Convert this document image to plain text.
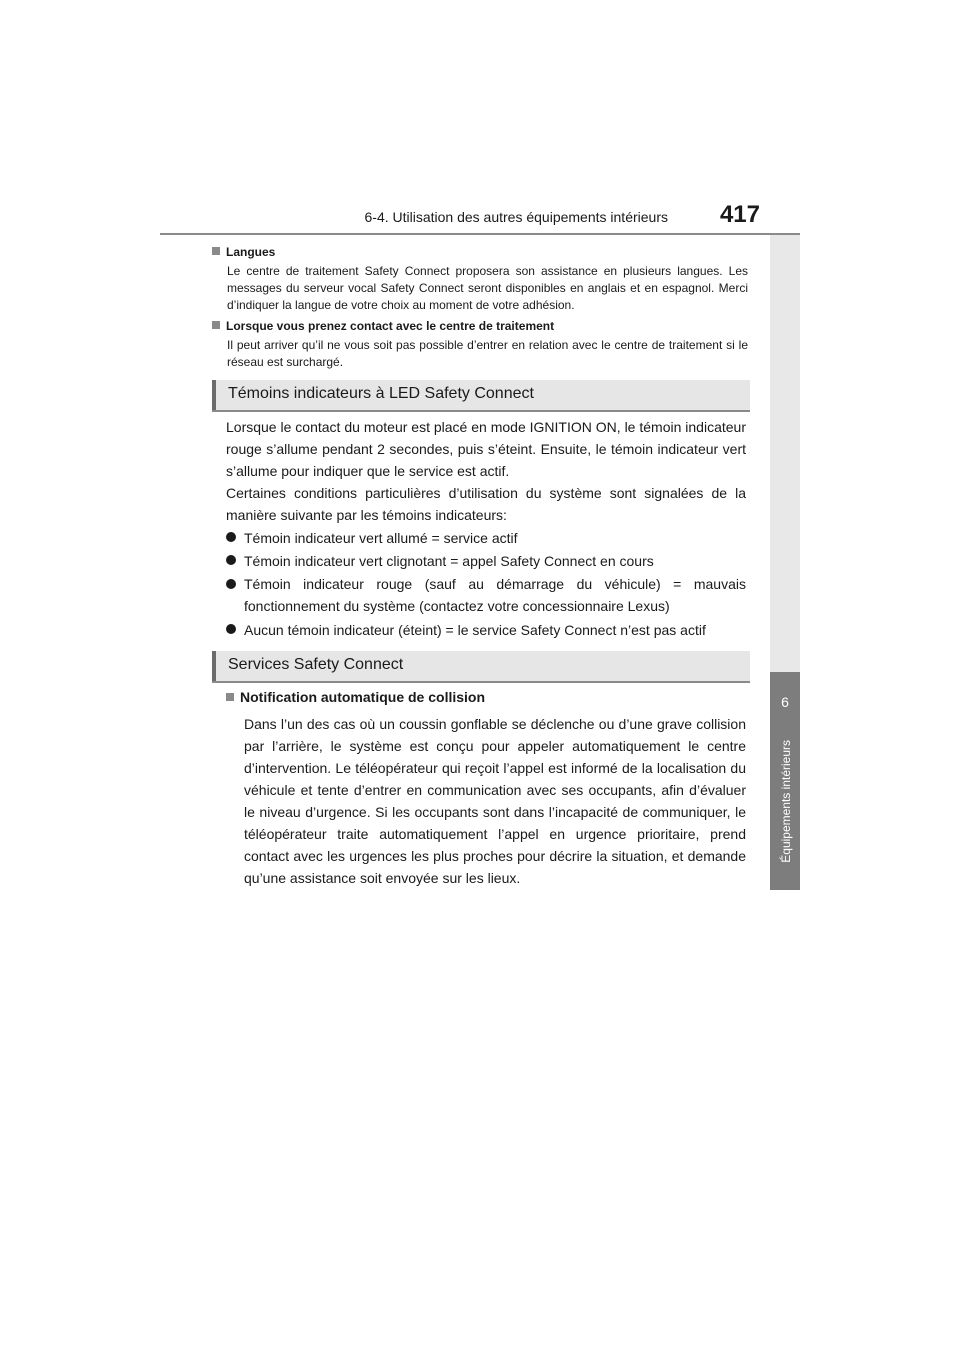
6-4. Utilisation des autres équipements intérieurs 417
6
Équipements intérieurs
Langues
Le centre de traitement Safety Connect proposera son assistance en plusieurs langues. Les messages du serveur vocal Safety Connect seront disponibles en anglais et en espagnol. Merci d’indiquer la langue de votre choix au moment de votre adhésion.
Lorsque vous prenez contact avec le centre de traitement
Il peut arriver qu’il ne vous soit pas possible d’entrer en relation avec le centre de traitement si le réseau est surchargé.
Témoins indicateurs à LED Safety Connect
Lorsque le contact du moteur est placé en mode IGNITION ON, le témoin indicateur rouge s’allume pendant 2 secondes, puis s’éteint. Ensuite, le témoin indicateur vert s’allume pour indiquer que le service est actif.
Certaines conditions particulières d’utilisation du système sont signalées de la manière suivante par les témoins indicateurs:
Témoin indicateur vert allumé = service actif
Témoin indicateur vert clignotant = appel Safety Connect en cours
Témoin indicateur rouge (sauf au démarrage du véhicule) = mauvais fonctionnement du système (contactez votre concessionnaire Lexus)
Aucun témoin indicateur (éteint) = le service Safety Connect n’est pas actif
Services Safety Connect
Notification automatique de collision
Dans l’un des cas où un coussin gonflable se déclenche ou d’une grave collision par l’arrière, le système est conçu pour appeler automatiquement le centre d’intervention. Le téléopérateur qui reçoit l’appel est informé de la localisation du véhicule et tente d’entrer en communication avec ses occupants, afin d’évaluer le niveau d’urgence. Si les occupants sont dans l’incapacité de communiquer, le téléopérateur traite automatiquement l’appel en urgence prioritaire, prend contact avec les urgences les plus proches pour décrire la situation, et demande qu’une assistance soit envoyée sur les lieux.
